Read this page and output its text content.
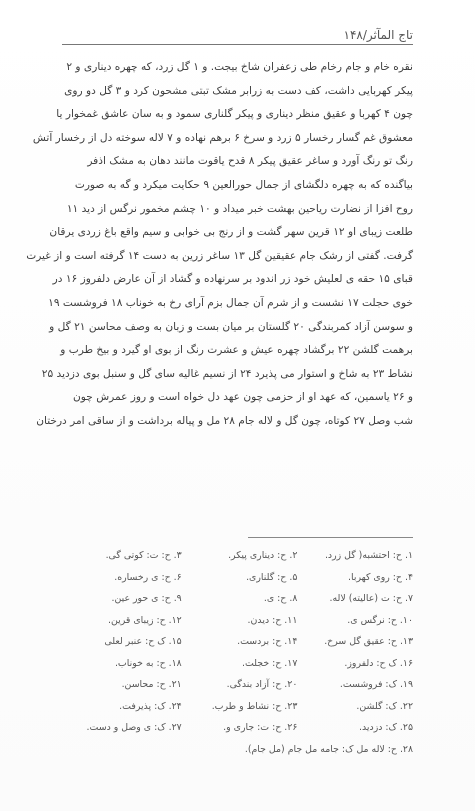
تاج المآثر/۱۴۸
نقره خام و جام رخام طی زعفران شاخ بیجت. و ۱ گل زرد، که چهره دیناری و ۲
پیکر کهربایی داشت، کف دست به زرابر مشک تبتی مشحون کرد و ۳ گل دو روی
چون ۴ کهربا و عقیق منظر دیناری و پیکر گلناری سمود و به سان عاشق غمخوار یا
معشوق غم گسار رخسار ۵ زرد و سرخ ۶ برهم نهاده و ۷ لاله سوخته دل از رخسار آتش
رنگ تو رنگ آورد و ساغر عقیق پیکر ۸ قدح یاقوت مانند دهان به مشک اذفر
بیاگنده که به چهره دلگشای از جمال حورالعین ۹ حکایت میکرد و گه به صورت
روح افزا از نضارت ریاحین بهشت خبر میداد و ۱۰ چشم مخمور نرگس از دید ۱۱
طلعت زیبای او ۱۲ قرین سهر گشت و از رنج بی خوابی و سیم واقع باغ زردی یرقان
گرفت. گفتی از رشک جام عقیقین گل ۱۳ ساغر زرین به دست ۱۴ گرفته است و از غیرت
قبای ۱۵ حقه ی لعلیش خود زر اندود بر سرنهاده و گشاد از آن عارض دلفروز ۱۶ در
خوی حجلت ۱۷ نشست و از شرم آن جمال بزم آرای رخ به خوناب ۱۸ فروشست ۱۹
و سوسن آزاد کمربندگی ۲۰ گلستان بر میان بست و زبان به وصف محاسن ۲۱ گل و
برهمت گلشن ۲۲ برگشاد چهره عیش و عشرت رنگ از بوی او گیرد و بیخ طرب و
نشاط ۲۳ به شاخ و استوار می پذیرد ۲۴ از نسیم غالیه سای گل و سنبل بوی دزدید ۲۵
و ۲۶ یاسمین، که عهد او از حزمی چون عهد دل خواه است و روز عمرش چون
شب وصل ۲۷ کوتاه، چون گل و لاله جام ۲۸ مل و پیاله برداشت و از ساقی امر درختان
۱. ح: احتشبه( گل زرد.
۲. ح: دیناری پیکر.
۳. ح: ت: کوتی گی.
۴. ح: روی کهربا.
۵. ح: گلناری.
۶. ح: ی رخساره.
۷. ح: ت (عالیته) لاله.
۸. ح: ی.
۹. ح: ی حور عین.
۱۰. ح: نرگس ی.
۱۱. ح: دیدن.
۱۲. ح: زیبای قرین.
۱۳. ح: عقیق گل سرخ.
۱۴. ح: بردست.
۱۵. ک ح: عنبر لعلی
۱۶. ک ح: دلفروز.
۱۷. ح: خجلت.
۱۸. ح: به خوناب.
۱۹. ک: فروشست.
۲۰. ح: آزاد بندگی.
۲۱. ح: محاسن.
۲۲. ک: گلشن.
۲۳. ح: نشاط و طرب.
۲۴. ک: پذیرفت.
۲۵. ک: دزدید.
۲۶. ح: ت: جاری و.
۲۷. ک: ی وصل و دست.
۲۸. ح: لاله مل ک: جامه مل جام (مل جام).
